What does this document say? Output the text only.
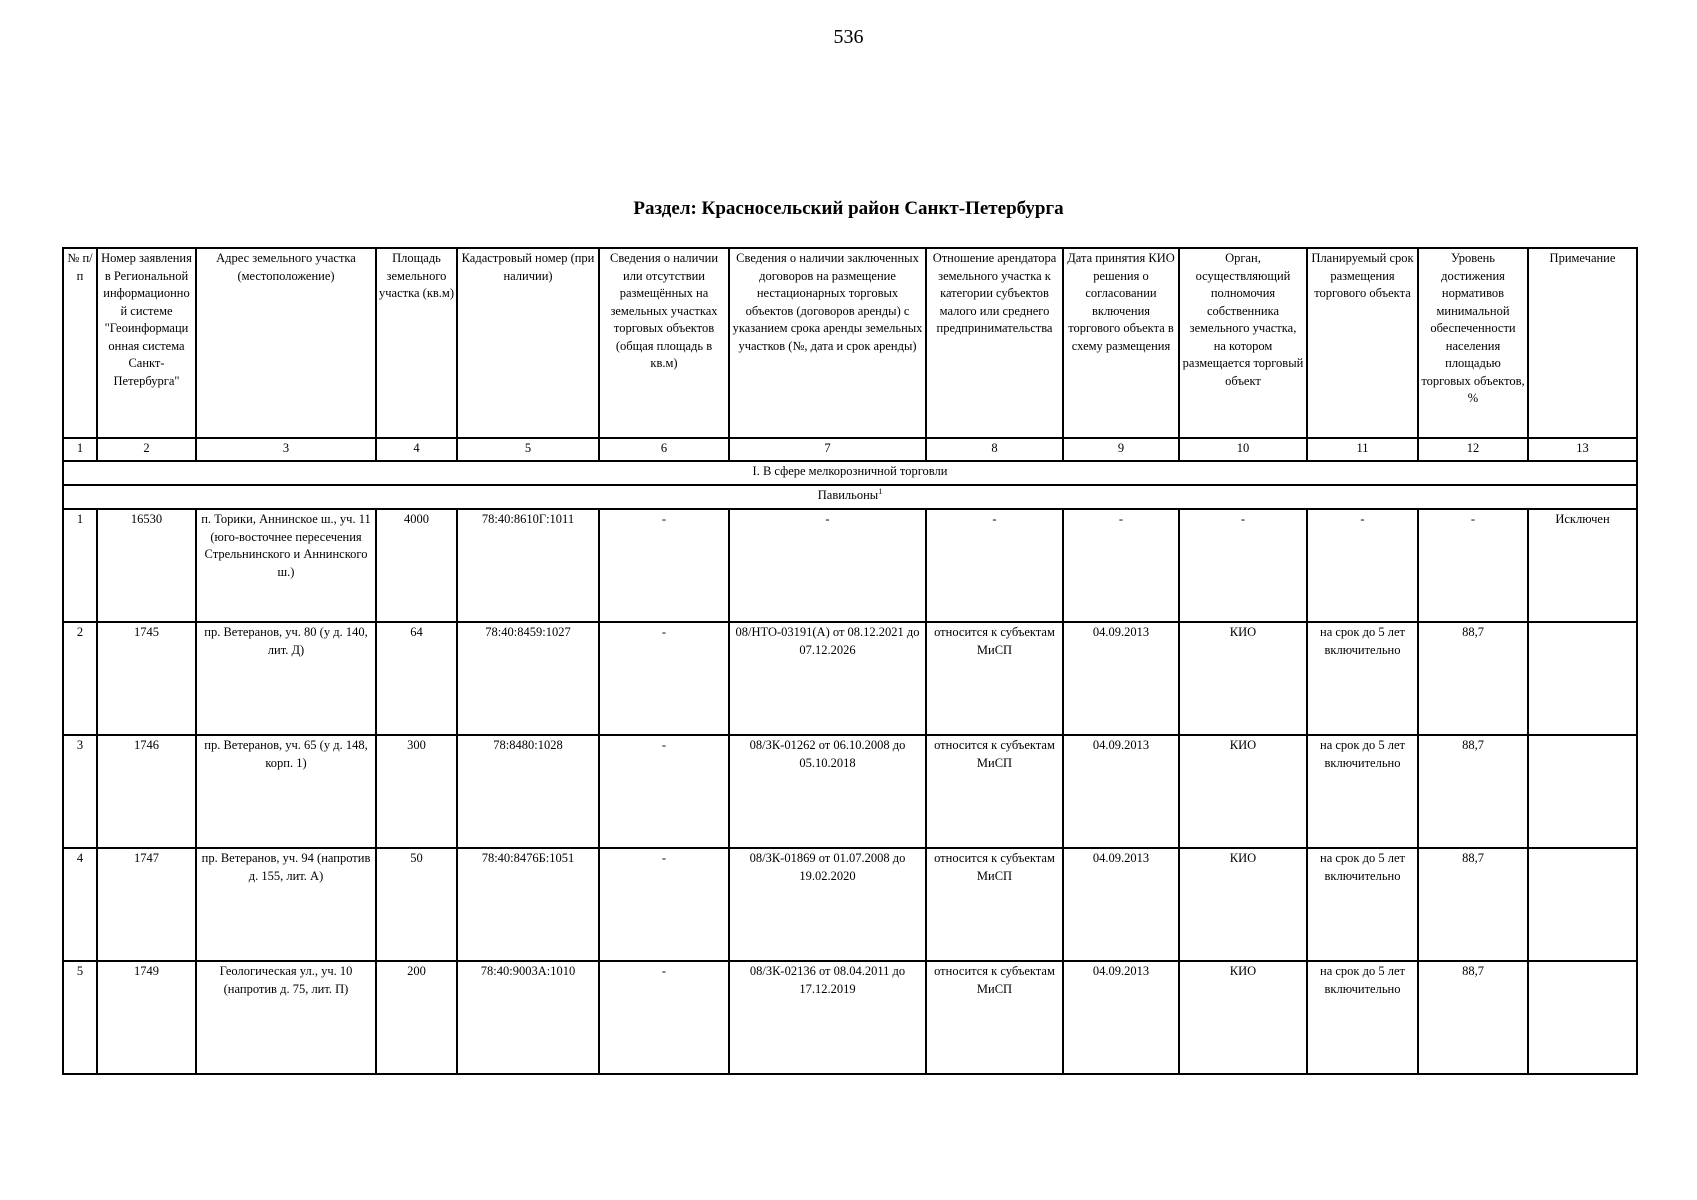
536
Раздел: Красносельский район Санкт-Петербурга
№ п/п	Номер заявления в Региональной информационно й системе "Геоинформаци онная система Санкт-Петербурга"	Адрес земельного участка (местоположение)	Площадь земельного участка (кв.м)	Кадастровый номер (при наличии)	Сведения о наличии или отсутствии размещённых на земельных участках торговых объектов (общая площадь в кв.м)	Сведения о наличии заключенных договоров на размещение нестационарных торговых объектов (договоров аренды) с указанием срока аренды земельных участков (№, дата и срок аренды)	Отношение арендатора земельного участка к категории субъектов малого или среднего предпринимательства	Дата принятия КИО решения о согласовании включения торгового объекта в схему размещения	Орган, осуществляющий полномочия собственника земельного участка, на котором размещается торговый объект	Планируемый срок размещения торгового объекта	Уровень достижения нормативов минимальной обеспеченности населения площадью торговых объектов, %	Примечание
1	2	3	4	5	6	7	8	9	10	11	12	13
I. В сфере мелкорозничной торговли												
Павильоны$^1$
1	16530	п. Торики, Аннинское ш., уч. 11 (юго-восточнее пересечения Стрельнинского и Аннинского ш.)	4000	78:40:8610Г:1011	-	-	-	-	-	-	-	Исключен
2	1745	пр. Ветеранов, уч. 80 (у д. 140, лит. Д)	64	78:40:8459:1027	-	08/НТО-03191(А) от 08.12.2021 до 07.12.2026	относится к субъектам МиСП	04.09.2013	КИО	на срок до 5 лет включительно	88,7	
3	1746	пр. Ветеранов, уч. 65 (у д. 148, корп. 1)	300	78:8480:1028	-	08/ЗК-01262 от 06.10.2008 до 05.10.2018	относится к субъектам МиСП	04.09.2013	КИО	на срок до 5 лет включительно	88,7	
4	1747	пр. Ветеранов, уч. 94 (напротив д. 155, лит. А)	50	78:40:8476Б:1051	-	08/ЗК-01869 от 01.07.2008 до 19.02.2020	относится к субъектам МиСП	04.09.2013	КИО	на срок до 5 лет включительно	88,7	
5	1749	Геологическая ул., уч. 10 (напротив д. 75, лит. П)	200	78:40:9003А:1010	-	08/ЗК-02136 от 08.04.2011 до 17.12.2019	относится к субъектам МиСП	04.09.2013	КИО	на срок до 5 лет включительно	88,7	
